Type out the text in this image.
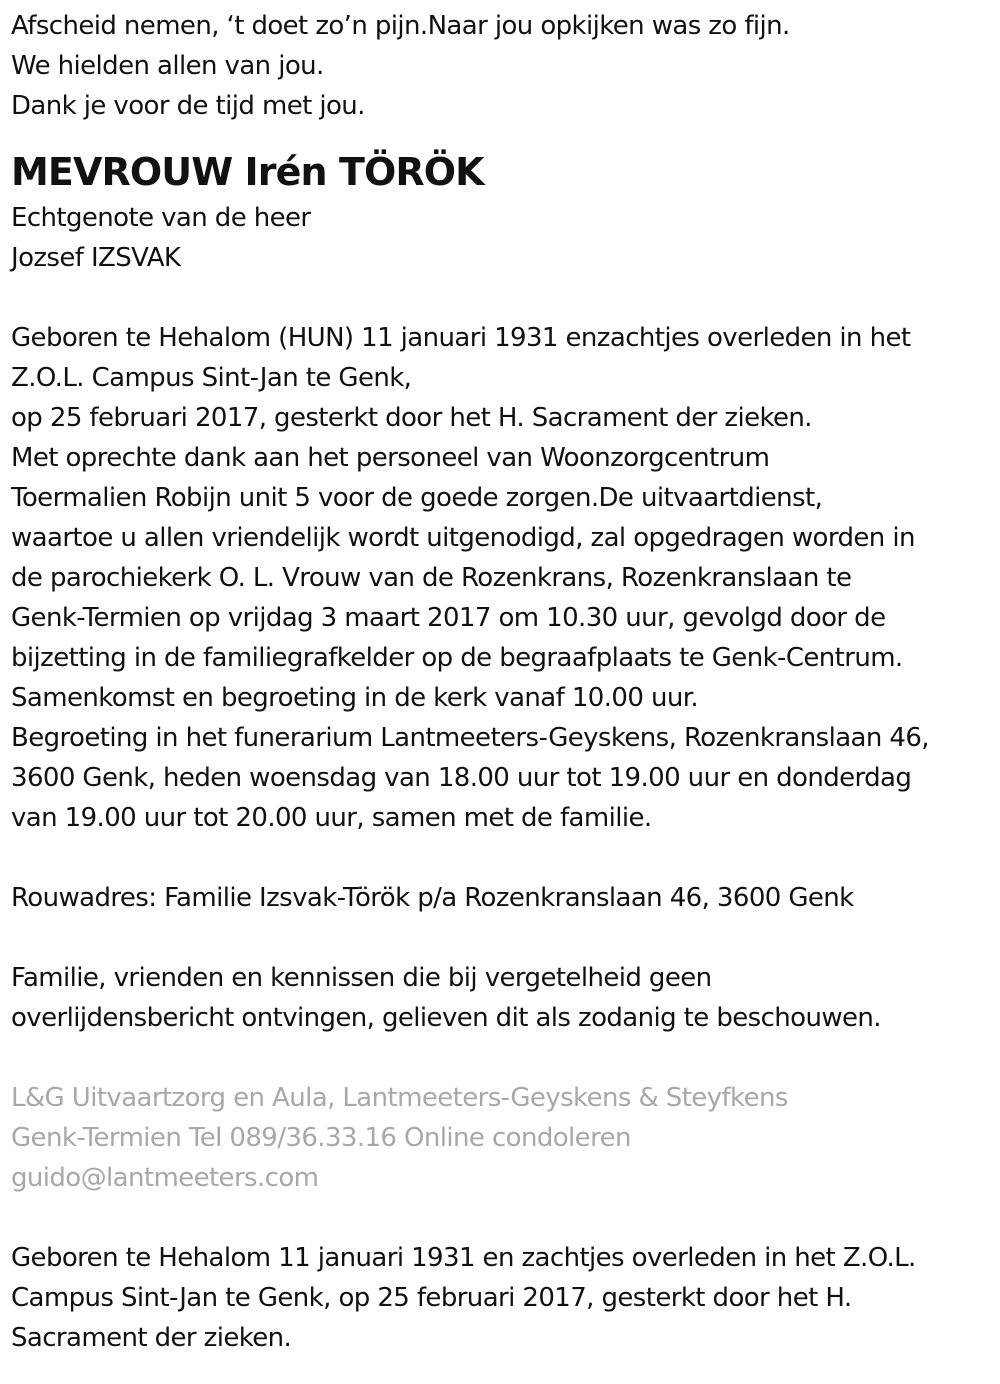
Afscheid nemen, ‘t doet zo’n pijn.Naar jou opkijken was zo fijn.
We hielden allen van jou.
Dank je voor de tijd met jou.
MEVROUW Irén TÖRÖK
Echtgenote van de heer
Jozsef IZSVAK
Geboren te Hehalom (HUN) 11 januari 1931 enzachtjes overleden in het
Z.O.L. Campus Sint-Jan te Genk,
op 25 februari 2017, gesterkt door het H. Sacrament der zieken.
Met oprechte dank aan het personeel van Woonzorgcentrum
Toermalien Robijn unit 5 voor de goede zorgen.De uitvaartdienst,
waartoe u allen vriendelijk wordt uitgenodigd, zal opgedragen worden in
de parochiekerk O. L. Vrouw van de Rozenkrans, Rozenkranslaan te
Genk-Termien op vrijdag 3 maart 2017 om 10.30 uur, gevolgd door de
bijzetting in de familiegrafkelder op de begraafplaats te Genk-Centrum.
Samenkomst en begroeting in de kerk vanaf 10.00 uur.
Begroeting in het funerarium Lantmeeters-Geyskens, Rozenkranslaan 46,
3600 Genk, heden woensdag van 18.00 uur tot 19.00 uur en donderdag
van 19.00 uur tot 20.00 uur, samen met de familie.
Rouwadres: Familie Izsvak-Török p/a Rozenkranslaan 46, 3600 Genk
Familie, vrienden en kennissen die bij vergetelheid geen
overlijdensbericht ontvingen, gelieven dit als zodanig te beschouwen.
L&G Uitvaartzorg en Aula, Lantmeeters-Geyskens & Steyfkens
Genk-Termien Tel 089/36.33.16 Online condoleren
guido@lantmeeters.com
Geboren te Hehalom 11 januari 1931 en zachtjes overleden in het Z.O.L.
Campus Sint-Jan te Genk, op 25 februari 2017, gesterkt door het H.
Sacrament der zieken.
